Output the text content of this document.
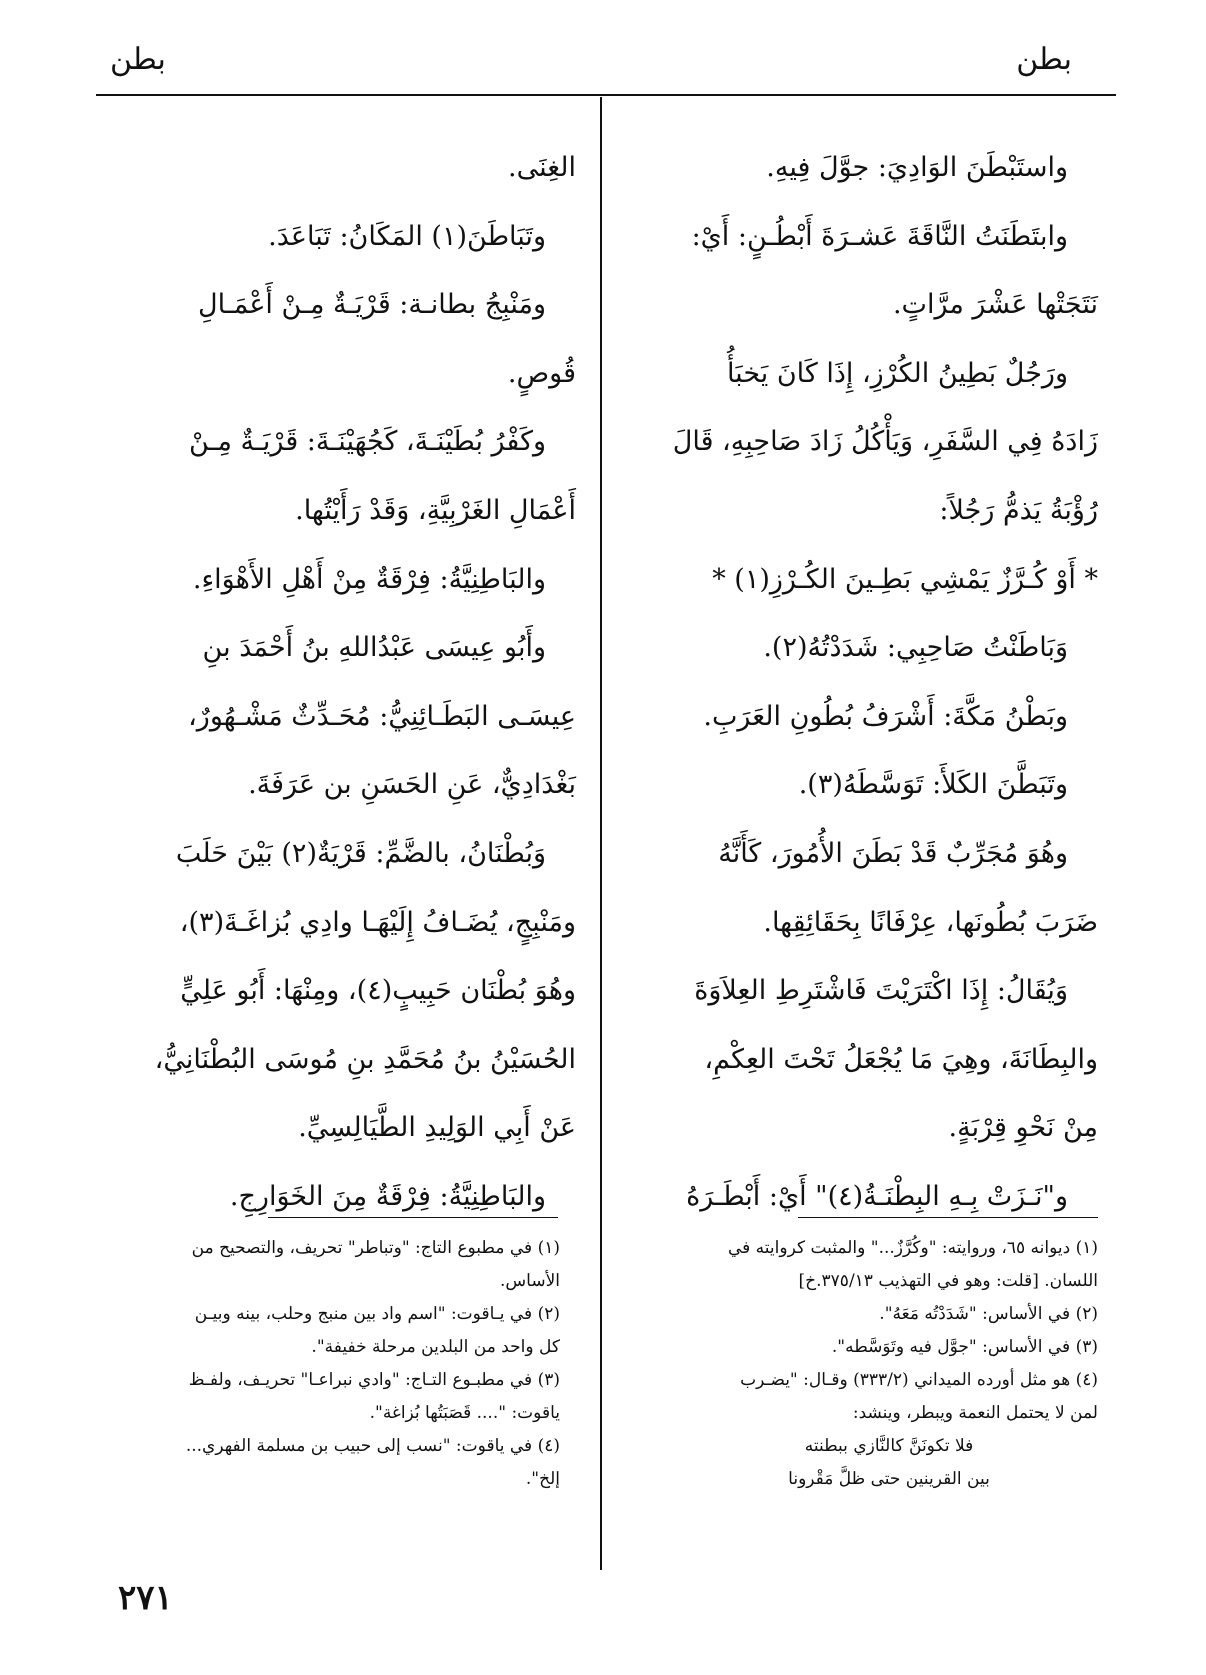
بطن
بطن
واستَبْطَنَ الوَادِيَ: جوَّلَ فِيهِ.
وابتَطَنَتُ النَّاقَةَ عَشـرَةَ أَبْطُـنٍ: أَيْ:
نَتَجَتْها عَشْرَ مرَّاتٍ.
ورَجُلٌ بَطِينُ الكُرْزِ، إِذَا كَانَ يَخبَأُ
زَادَهُ فِي السَّفَرِ، وَيَأْكُلُ زَادَ صَاحِبِهِ، قَالَ
رُؤْبَةُ يَذمُّ رَجُلاً:
* أَوْ كُـرَّزٌ يَمْشِي بَطِـينَ الكُـرْزِ(١) *
وَبَاطَنْتُ صَاحِبِي: شَدَدْتُهُ(٢).
وبَطْنُ مَكَّةَ: أَشْرَفُ بُطُونِ العَرَبِ.
وتَبَطَّنَ الكَلأَ: تَوَسَّطَهُ(٣).
وهُوَ مُجَرِّبٌ قَدْ بَطَنَ الأُمُورَ، كَأَنَّهُ
ضَرَبَ بُطُونَها، عِرْفَانًا بِحَقَائِقِها.
وَيُقَالُ: إِذَا اكْتَرَيْتَ فَاشْتَرِطِ العِلاَوَةَ
والبِطَانَةَ، وهِيَ مَا يُجْعَلُ تَحْتَ العِكْمِ،
مِنْ نَحْوِ قِرْبَةٍ.
و"نَـزَتْ بِـهِ البِطْنَـةُ(٤)" أَيْ: أَبْطَـرَهُ
الغِنَى.
وتَبَاطَنَ(١) المَكَانُ: تَبَاعَدَ.
ومَنْبِجُ بطانـة: قَرْيَـةٌ مِـنْ أَعْمَـالِ
قُوصٍ.
وكَفْرُ بُطَيْنَـةَ، كَجُهَيْنَـةَ: قَرْيَـةٌ مِـنْ
أَعْمَالِ الغَرْبِيَّةِ، وَقَدْ رَأَيْتُها.
والبَاطِنِيَّةُ: فِرْقَةٌ مِنْ أَهْلِ الأَهْوَاءِ.
وأَبُو عِيسَى عَبْدُاللهِ بنُ أَحْمَدَ بنِ
عِيسَـى البَطَـائِنِيُّ: مُحَـدِّثٌ مَشْـهُورٌ،
بَغْدَادِيٌّ، عَنِ الحَسَنِ بن عَرَفَةَ.
وَبُطْنَانُ، بالضَّمِّ: قَرْيَةٌ(٢) بَيْنَ حَلَبَ
ومَنْبِجٍ، يُضَـافُ إِلَيْهَـا وادِي بُزاغَـةَ(٣)،
وهُوَ بُطْنَان حَبِيبٍ(٤)، ومِنْهَا: أَبُو عَلِيٍّ
الحُسَيْنُ بنُ مُحَمَّدِ بنِ مُوسَى البُطْنَانِيُّ،
عَنْ أَبِي الوَلِيدِ الطَّيَالِسِيِّ.
والبَاطِنِيَّةُ: فِرْقَةٌ مِنَ الخَوَارِجِ.
(١) ديوانه ٦٥، وروايته: "وكُرَّزٌ..." والمثبت كروايته في
اللسان. [قلت: وهو في التهذيب ٣٧٥/١٣.خ]
(٢) في الأساس: "شَدَدْتُه مَعَهُ".
(٣) في الأساس: "جوَّل فيه وتَوَسَّطه".
(٤) هو مثل أورده الميداني (٣٣٣/٢) وقـال: "يضـرب
لمن لا يحتمل النعمة ويبطر، وينشد:
فلا تكونَنَّ كالنَّازي ببطنته
بين القرينين حتى ظلَّ مَقْرونا
(١) في مطبوع التاج: "وتباطر" تحريف، والتصحيح من
الأساس.
(٢) في يـاقوت: "اسم واد بين منبج وحلب، بينه وبيـن
كل واحد من البلدين مرحلة خفيفة".
(٣) في مطبـوع التـاج: "وادي نبراعـا" تحريـف، ولفـظ
ياقوت: ".... قَصَبَتُها بُزاغة".
(٤) في ياقوت: "نسب إلى حبيب بن مسلمة الفهري...
إلخ".
٢٧١
